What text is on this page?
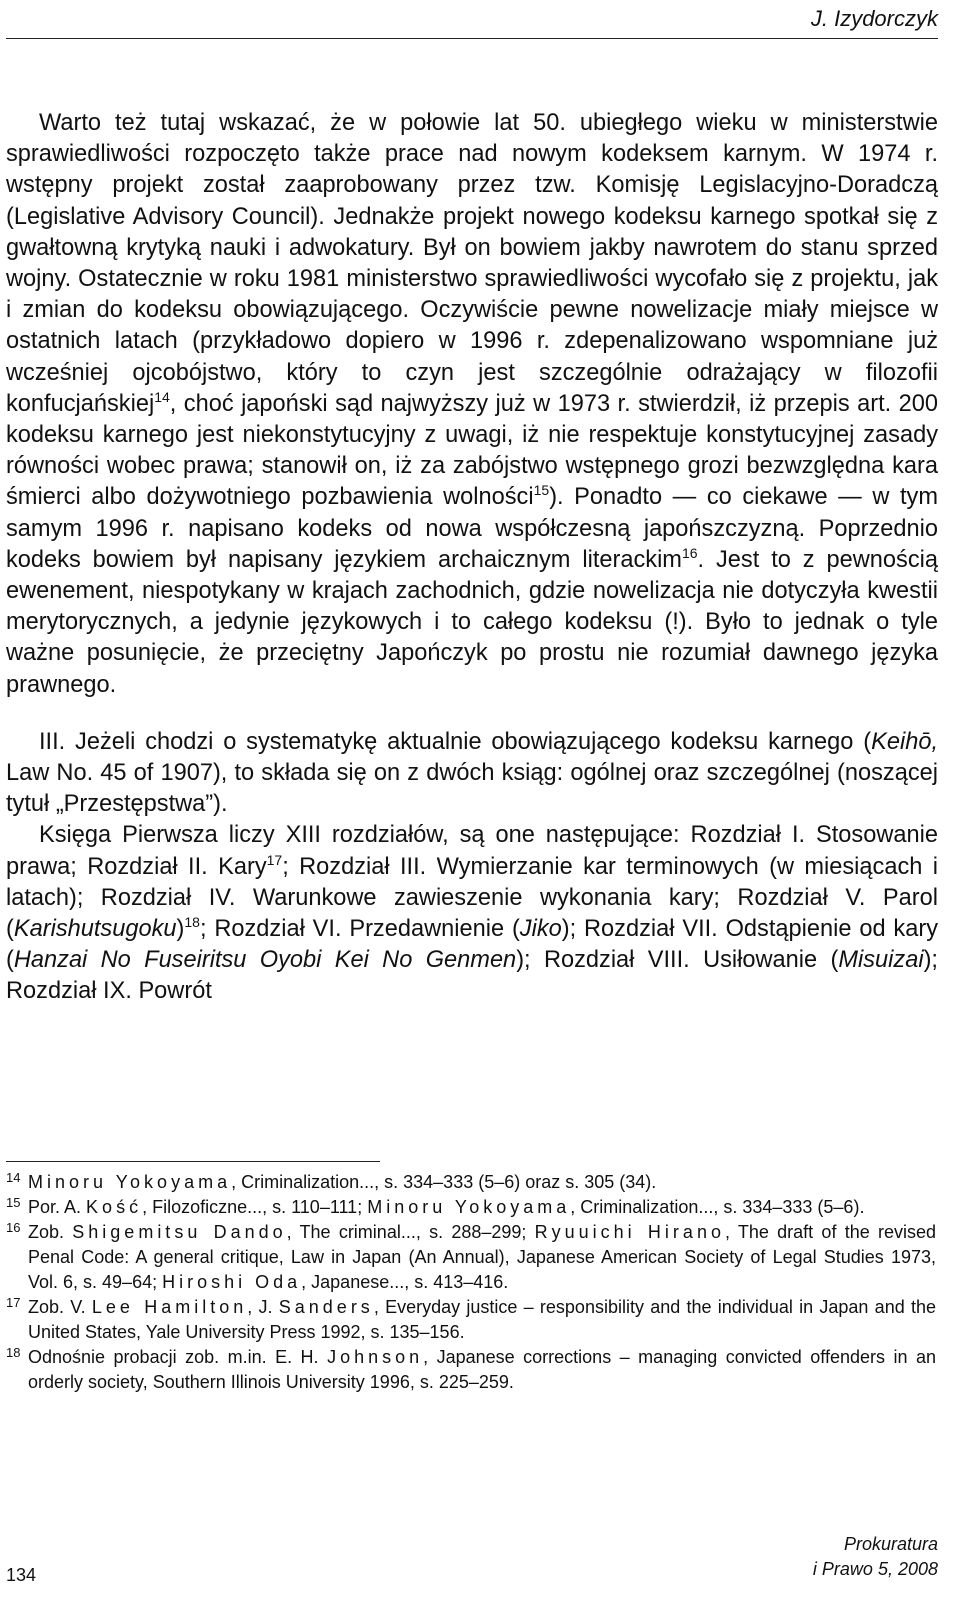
J. Izydorczyk

Warto też tutaj wskazać, że w połowie lat 50. ubiegłego wieku w ministerstwie sprawiedliwości rozpoczęto także prace nad nowym kodeksem karnym. W 1974 r. wstępny projekt został zaaprobowany przez tzw. Komisję Legislacyjno-Doradczą (Legislative Advisory Council). Jednakże projekt nowego kodeksu karnego spotkał się z gwałtowną krytyką nauki i adwokatury. Był on bowiem jakby nawrotem do stanu sprzed wojny. Ostatecznie w roku 1981 ministerstwo sprawiedliwości wycofało się z projektu, jak i zmian do kodeksu obowiązującego. Oczywiście pewne nowelizacje miały miejsce w ostatnich latach (przykładowo dopiero w 1996 r. zdepenalizowano wspomniane już wcześniej ojcobójstwo, który to czyn jest szczególnie odrażający w filozofii konfucjańskiej$^{14}$, choć japoński sąd najwyższy już w 1973 r. stwierdził, iż przepis art. 200 kodeksu karnego jest niekonstytucyjny z uwagi, iż nie respektuje konstytucyjnej zasady równości wobec prawa; stanowił on, iż za zabójstwo wstępnego grozi bezwzględna kara śmierci albo dożywotniego pozbawienia wolności$^{15}$). Ponadto — co ciekawe — w tym samym 1996 r. napisano kodeks od nowa współczesną japońszczyzną. Poprzednio kodeks bowiem był napisany językiem archaicznym literackim$^{16}$. Jest to z pewnością ewenement, niespotykany w krajach zachodnich, gdzie nowelizacja nie dotyczyła kwestii merytorycznych, a jedynie językowych i to całego kodeksu (!). Było to jednak o tyle ważne posunięcie, że przeciętny Japończyk po prostu nie rozumiał dawnego języka prawnego.

III. Jeżeli chodzi o systematykę aktualnie obowiązującego kodeksu karnego (Keihō, Law No. 45 of 1907), to składa się on z dwóch ksiąg: ogólnej oraz szczególnej (noszącej tytuł „Przestępstwa”).

Księga Pierwsza liczy XIII rozdziałów, są one następujące: Rozdział I. Stosowanie prawa; Rozdział II. Kary$^{17}$; Rozdział III. Wymierzanie kar terminowych (w miesiącach i latach); Rozdział IV. Warunkowe zawieszenie wykonania kary; Rozdział V. Parol (Karishutsugoku)$^{18}$; Rozdział VI. Przedawnienie (Jiko); Rozdział VII. Odstąpienie od kary (Hanzai No Fuseiritsu Oyobi Kei No Genmen); Rozdział VIII. Usiłowanie (Misuizai); Rozdział IX. Powrót

14 Minoru Yokoyama, Criminalization..., s. 334–333 (5–6) oraz s. 305 (34).
15 Por. A. Kość, Filozoficzne..., s. 110–111; Minoru Yokoyama, Criminalization..., s. 334–333 (5–6).
16 Zob. Shigemitsu Dando, The criminal..., s. 288–299; Ryuuichi Hirano, The draft of the revised Penal Code: A general critique, Law in Japan (An Annual), Japanese American Society of Legal Studies 1973, Vol. 6, s. 49–64; Hiroshi Oda, Japanese..., s. 413–416.
17 Zob. V. Lee Hamilton, J. Sanders, Everyday justice – responsibility and the individual in Japan and the United States, Yale University Press 1992, s. 135–156.
18 Odnośnie probacji zob. m.in. E. H. Johnson, Japanese corrections – managing convicted offenders in an orderly society, Southern Illinois University 1996, s. 225–259.
134
Prokuratura
i Prawo 5, 2008
